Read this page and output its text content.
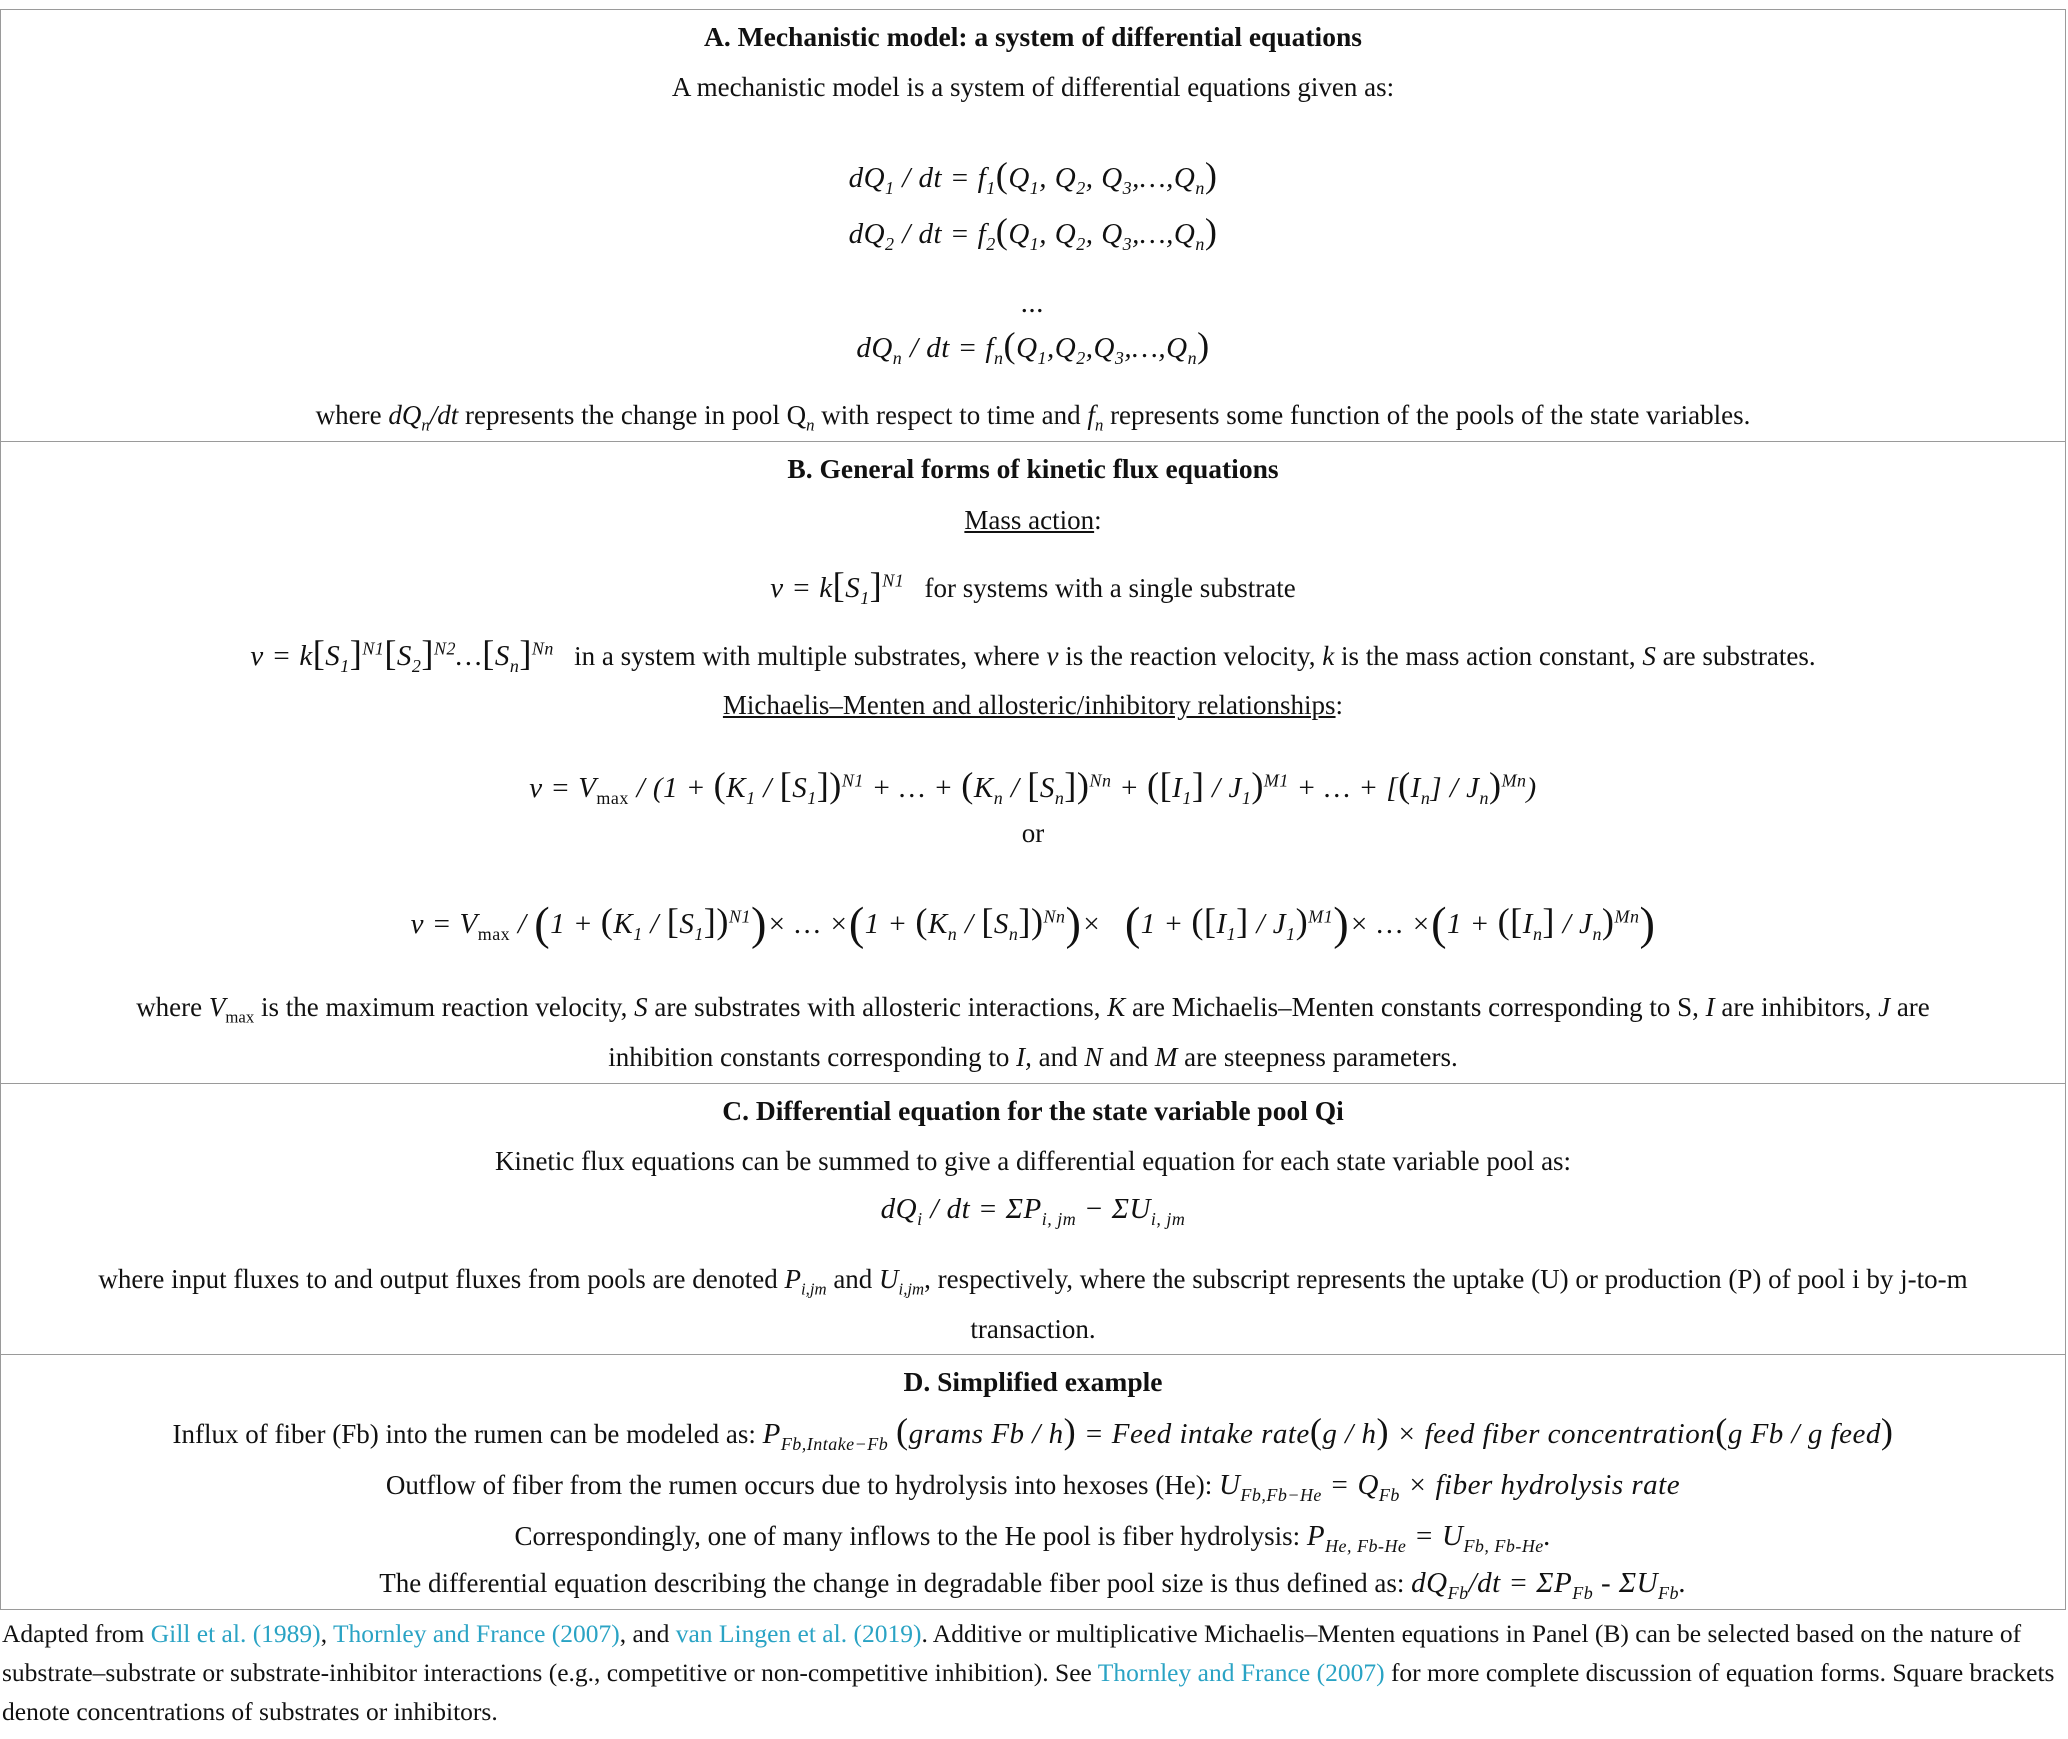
A. Mechanistic model: a system of differential equations
A mechanistic model is a system of differential equations given as:
$dQ_1$ / dt = $f_1(Q_1$, $Q_2$, $Q_3,\dots,Q_n$)
$dQ_2$ / dt = $f_2(Q_1$, $Q_2$, $Q_3,\dots,Q_n$)
...
$dQ_n$ / dt = $f_n(Q_1,Q_2,Q_3,\dots,Q_n)$
where $dQ_n/dt$ represents the change in pool $Q_n$ with respect to time and $f_n$ represents some function of the pools of the state variables.
B. General forms of kinetic flux equations
Mass action:
$v = k[S_1]^{N1}$ for systems with a single substrate
$v = k[S_1]^{N1}[S_2]^{N2}\dots[S_n]^{Nn}$ in a system with multiple substrates, where v is the reaction velocity, k is the mass action constant, S are substrates.
Michaelis–Menten and allosteric/inhibitory relationships:
$v = V_{max} / (1 + (K_1 / [S_1])^{N1}$ + … + $(K_n / [S_n])^{Nn} + ([I_1] / J_1)^{M1}$ + … + $[(I_n] / J_n)^{Mn}$)
or
$v = V_{max} / (1 + (K_1 / [S_1])^{N1})\times$ … $\times(1 + (K_n / [S_n])^{Nn})\times (1 + ([I_1] / J_1)^{M1})\times$ … $\times(1 + ([I_n] / J_n)^{Mn})$
where $V_{max}$ is the maximum reaction velocity, S are substrates with allosteric interactions, K are Michaelis–Menten constants corresponding to S, I are inhibitors, J are
inhibition constants corresponding to I, and N and M are steepness parameters.
C. Differential equation for the state variable pool Qi
Kinetic flux equations can be summed to give a differential equation for each state variable pool as:
$dQ_i$ / dt = $\Sigma P_{i, jm} - \Sigma U_{i, jm}$
where input fluxes to and output fluxes from pools are denoted $P_{i,jm}$ and $U_{i,jm}$, respectively, where the subscript represents the uptake (U) or production (P) of pool i by j-to-m
transaction.
D. Simplified example
Influx of fiber (Fb) into the rumen can be modeled as: $P_{Fb,Intake-Fb}$ (grams Fb / h) = Feed intake rate(g / h) × feed fiber concentration(g Fb / g feed)
Outflow of fiber from the rumen occurs due to hydrolysis into hexoses (He): $U_{Fb,Fb-He} = Q_{Fb}$ × fiber hydrolysis rate
Correspondingly, one of many inflows to the He pool is fiber hydrolysis: $P_{He, Fb-He} = U_{Fb, Fb-He}$.
The differential equation describing the change in degradable fiber pool size is thus defined as: $dQ_{Fb}/dt = \Sigma P_{Fb} - \Sigma U_{Fb}$.
Adapted from Gill et al. (1989), Thornley and France (2007), and van Lingen et al. (2019). Additive or multiplicative Michaelis–Menten equations in Panel (B) can be selected based on the nature of substrate–substrate or substrate-inhibitor interactions (e.g., competitive or non-competitive inhibition). See Thornley and France (2007) for more complete discussion of equation forms. Square brackets denote concentrations of substrates or inhibitors.
